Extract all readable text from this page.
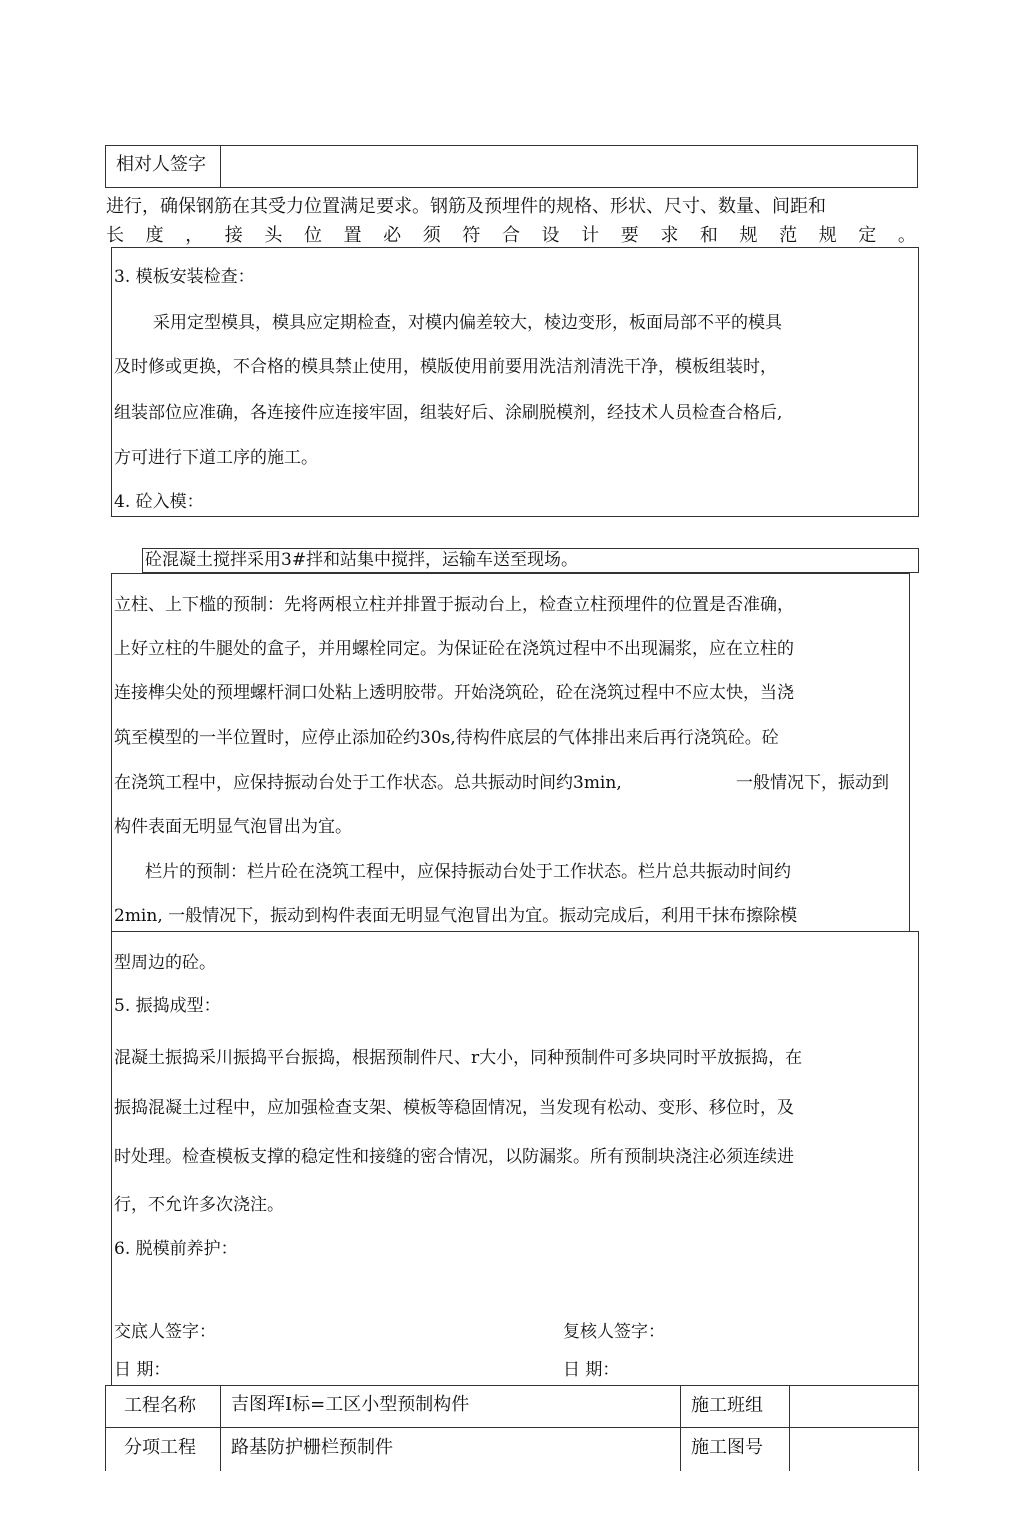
相对人签字
进行，确保钢筋在其受力位置满足要求。钢筋及预埋件的规格、形状、尺寸、数量、间距和
长 度 ， 接 头 位 置 必 须 符 合 设 计 要 求 和 规 范 规 定 。
3. 模板安装检查：
采用定型模具，模具应定期检查，对模内偏差较大，棱边变形，板面局部不平的模具
及时修或更换，不合格的模具禁止使用，模版使用前要用洗洁剂清洗干净，模板组装时，
组装部位应准确，各连接件应连接牢固，组装好后、涂刷脱模剂，经技术人员检查合格后,
方可进行下道工序的施工。
4. 砼入模：
砼混凝土搅拌采用3#拌和站集中搅拌，运输车送至现场。
立柱、上下槛的预制：先将两根立柱并排置于振动台上，检查立柱预埋件的位置是否准确，
上好立柱的牛腿处的盒子，并用螺栓同定。为保证砼在浇筑过程中不出现漏浆，应在立柱的
连接榫尖处的预埋螺杆洞口处粘上透明胶带。幵始浇筑砼，砼在浇筑过程中不应太快，当浇
筑至模型的一半位置时，应停止添加砼约30s,待构件底层的气体排出来后再行浇筑砼。砼
在浇筑工程中，应保持振动台处于工作状态。总共振动时间约3min,	一般情况下，振动到
构件表面无明显气泡冒出为宜。
栏片的预制：栏片砼在浇筑工程中，应保持振动台处于工作状态。栏片总共振动时间约
2min, 一般情况下，振动到构件表面无明显气泡冒出为宜。振动完成后，利用干抹布擦除模
型周边的砼。
5. 振捣成型：
混凝土振捣采川振捣平台振捣，根据预制件尺、r大小，同种预制件可多块同时平放振捣，在
振捣混凝土过程中，应加强检查支架、模板等稳固情况，当发现有松动、变形、移位时，及
时处理。检查模板支撑的稳定性和接缝的密合情况，以防漏浆。所有预制块浇注必须连续进
行，不允许多次浇注。
6. 脱模前养护：
交底人签字：	复核人签字：
日 期：	日 期：
工程名称 吉图珲I标=工区小型预制构件	施工班组
分项工程 路基防护栅栏预制件	施工图号
